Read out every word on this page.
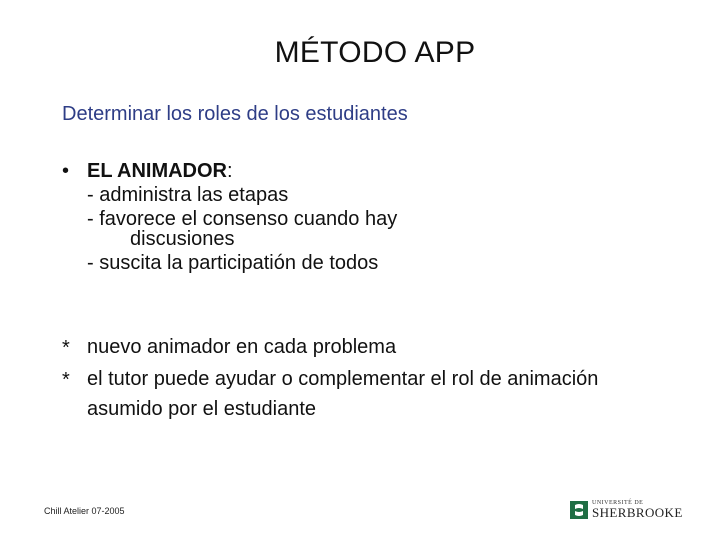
MÉTODO APP
Determinar los roles de los estudiantes
• EL ANIMADOR :
- administra las etapas
- favorece el consenso cuando hay
discusiones
- suscita la participatión de todos
* nuevo animador en cada problema
* el tutor puede ayudar o complementar el rol de animación asumido por el estudiante
Chill Atelier 07-2005
UNIVERSITÉ DE
SHERBROOKE
